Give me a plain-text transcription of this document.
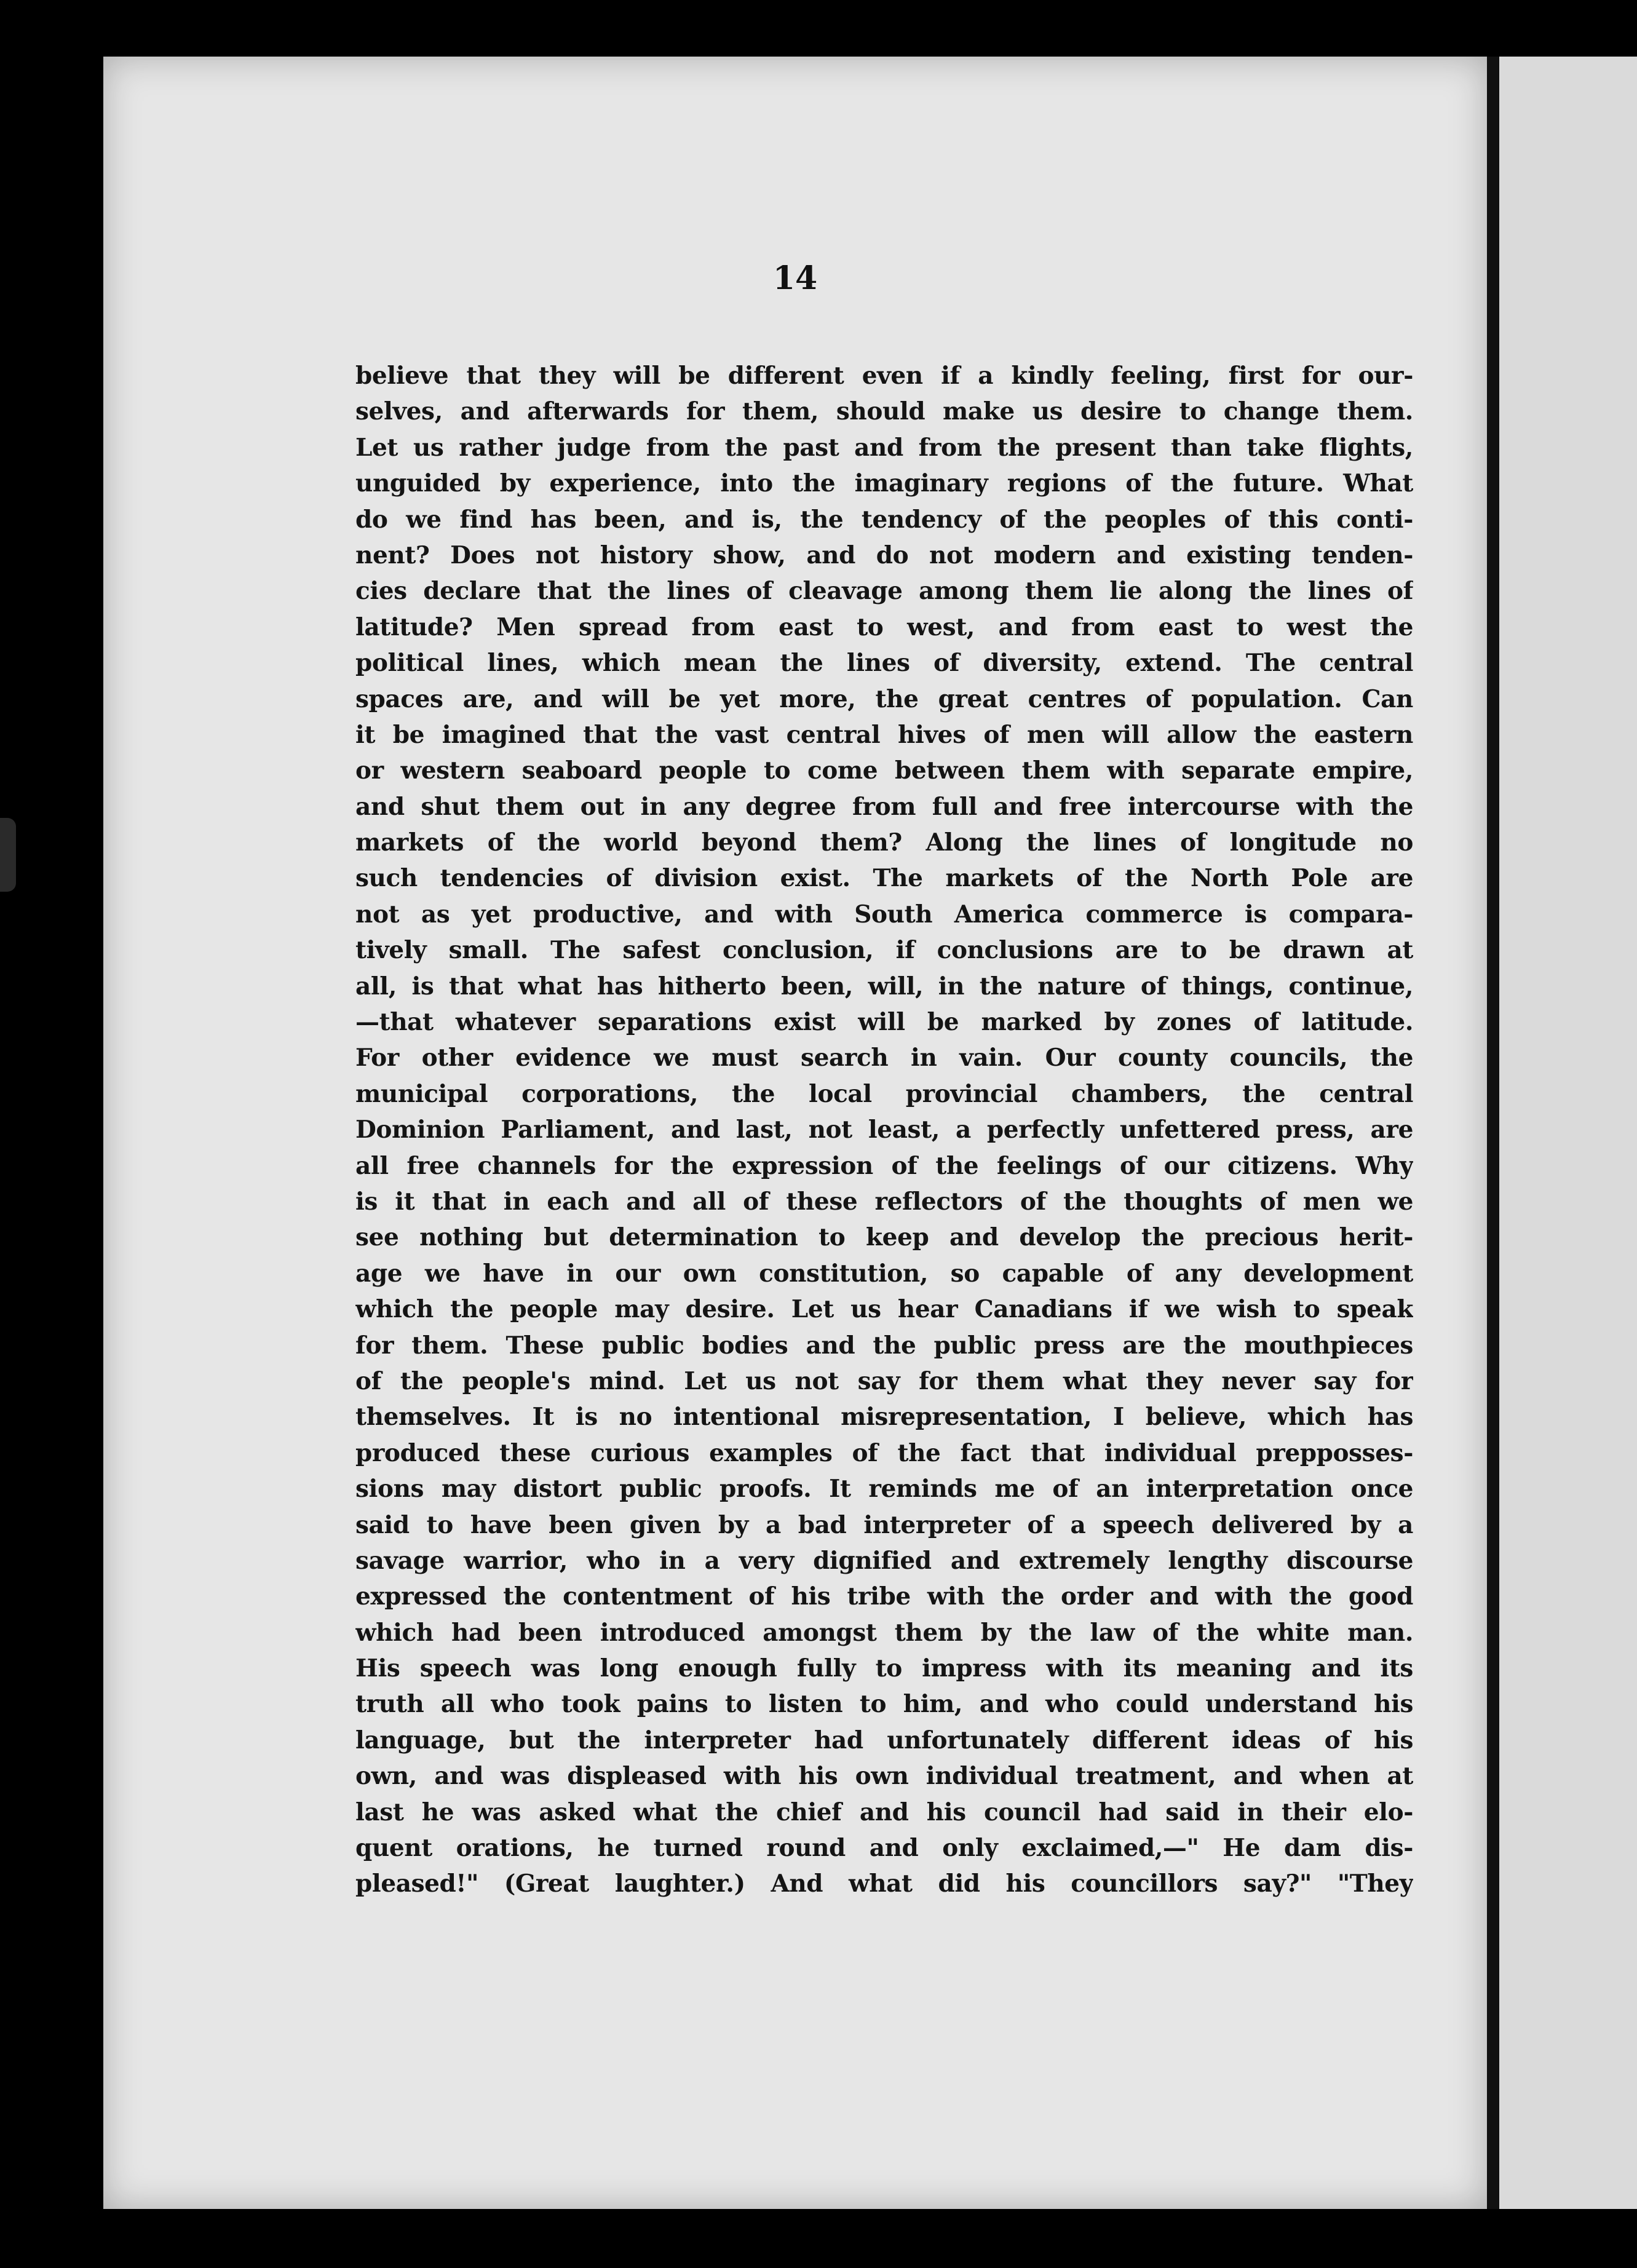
14

believe that they will be different even if a kindly feeling, first for our-
selves, and afterwards for them, should make us desire to change them.
Let us rather judge from the past and from the present than take flights,
unguided by experience, into the imaginary regions of the future. What
do we find has been, and is, the tendency of the peoples of this conti-
nent? Does not history show, and do not modern and existing tenden-
cies declare that the lines of cleavage among them lie along the lines of
latitude? Men spread from east to west, and from east to west the
political lines, which mean the lines of diversity, extend. The central
spaces are, and will be yet more, the great centres of population. Can
it be imagined that the vast central hives of men will allow the eastern
or western seaboard people to come between them with separate empire,
and shut them out in any degree from full and free intercourse with the
markets of the world beyond them? Along the lines of longitude no
such tendencies of division exist. The markets of the North Pole are
not as yet productive, and with South America commerce is compara-
tively small. The safest conclusion, if conclusions are to be drawn at
all, is that what has hitherto been, will, in the nature of things, continue,
—that whatever separations exist will be marked by zones of latitude.
For other evidence we must search in vain. Our county councils, the
municipal corporations, the local provincial chambers, the central
Dominion Parliament, and last, not least, a perfectly unfettered press, are
all free channels for the expression of the feelings of our citizens. Why
is it that in each and all of these reflectors of the thoughts of men we
see nothing but determination to keep and develop the precious herit-
age we have in our own constitution, so capable of any development
which the people may desire. Let us hear Canadians if we wish to speak
for them. These public bodies and the public press are the mouthpieces
of the people's mind. Let us not say for them what they never say for
themselves. It is no intentional misrepresentation, I believe, which has
produced these curious examples of the fact that individual prepposses-
sions may distort public proofs. It reminds me of an interpretation once
said to have been given by a bad interpreter of a speech delivered by a
savage warrior, who in a very dignified and extremely lengthy discourse
expressed the contentment of his tribe with the order and with the good
which had been introduced amongst them by the law of the white man.
His speech was long enough fully to impress with its meaning and its
truth all who took pains to listen to him, and who could understand his
language, but the interpreter had unfortunately different ideas of his
own, and was displeased with his own individual treatment, and when at
last he was asked what the chief and his council had said in their elo-
quent orations, he turned round and only exclaimed,—" He dam dis-
pleased!" (Great laughter.) And what did his councillors say?" "They
